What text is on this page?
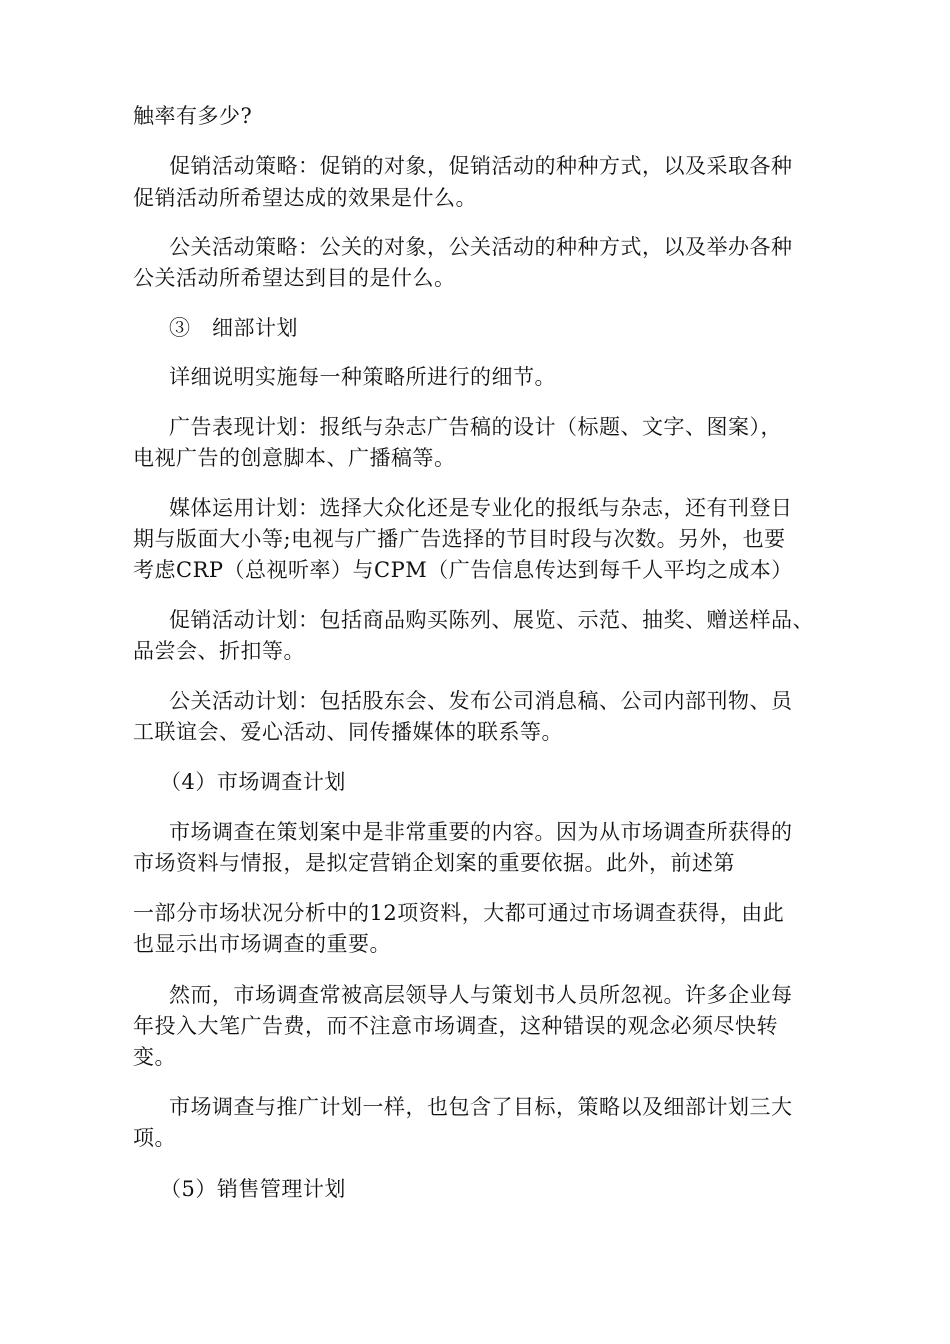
触率有多少?
促销活动策略：促销的对象，促销活动的种种方式，以及采取各种
促销活动所希望达成的效果是什么。
公关活动策略：公关的对象，公关活动的种种方式，以及举办各种
公关活动所希望达到目的是什么。
③　细部计划
详细说明实施每一种策略所进行的细节。
广告表现计划：报纸与杂志广告稿的设计（标题、文字、图案），
电视广告的创意脚本、广播稿等。
媒体运用计划：选择大众化还是专业化的报纸与杂志，还有刊登日
期与版面大小等;电视与广播广告选择的节目时段与次数。另外，也要
考虑CRP（总视听率）与CPM（广告信息传达到每千人平均之成本）
促销活动计划：包括商品购买陈列、展览、示范、抽奖、赠送样品、
品尝会、折扣等。
公关活动计划：包括股东会、发布公司消息稿、公司内部刊物、员
工联谊会、爱心活动、同传播媒体的联系等。
（4）市场调查计划
市场调查在策划案中是非常重要的内容。因为从市场调查所获得的
市场资料与情报，是拟定营销企划案的重要依据。此外，前述第
一部分市场状况分析中的12项资料，大都可通过市场调查获得，由此
也显示出市场调查的重要。
然而，市场调查常被高层领导人与策划书人员所忽视。许多企业每
年投入大笔广告费，而不注意市场调查，这种错误的观念必须尽快转
变。
市场调查与推广计划一样，也包含了目标，策略以及细部计划三大
项。
（5）销售管理计划
